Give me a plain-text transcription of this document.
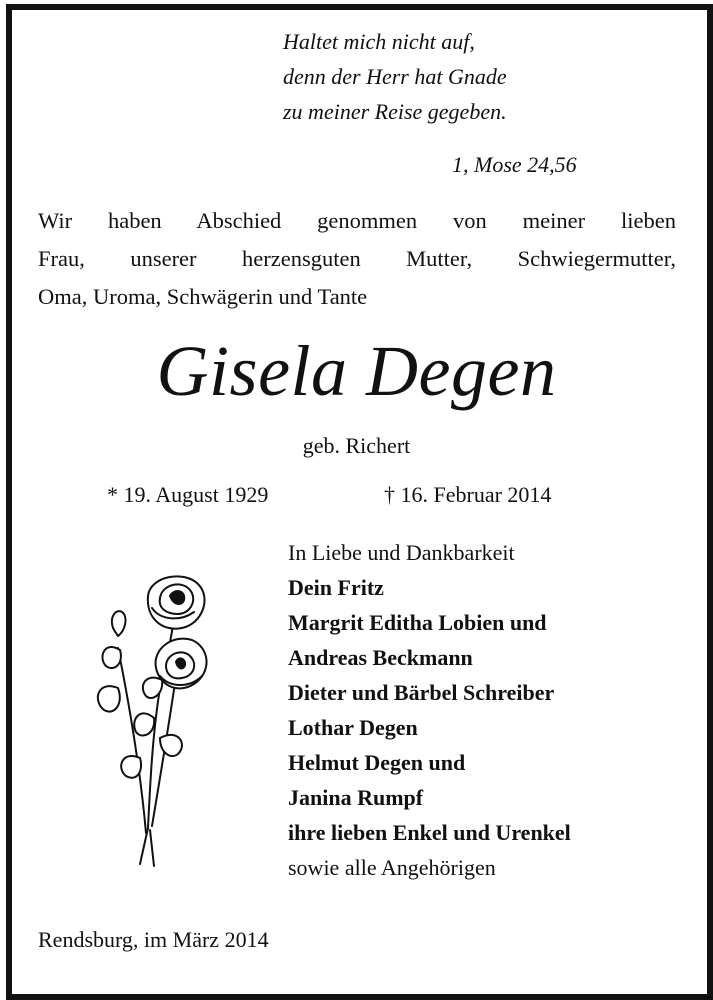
Haltet mich nicht auf,
denn der Herr hat Gnade
zu meiner Reise gegeben.
1, Mose 24,56
Wir haben Abschied genommen von meiner lieben
Frau, unserer herzensguten Mutter, Schwiegermutter,
Oma, Uroma, Schwägerin und Tante
Gisela Degen
geb. Richert
* 19. August 1929	† 16. Februar 2014
In Liebe und Dankbarkeit
Dein Fritz
Margrit Editha Lobien und
Andreas Beckmann
Dieter und Bärbel Schreiber
Lothar Degen
Helmut Degen und
Janina Rumpf
ihre lieben Enkel und Urenkel
sowie alle Angehörigen
Rendsburg, im März 2014
